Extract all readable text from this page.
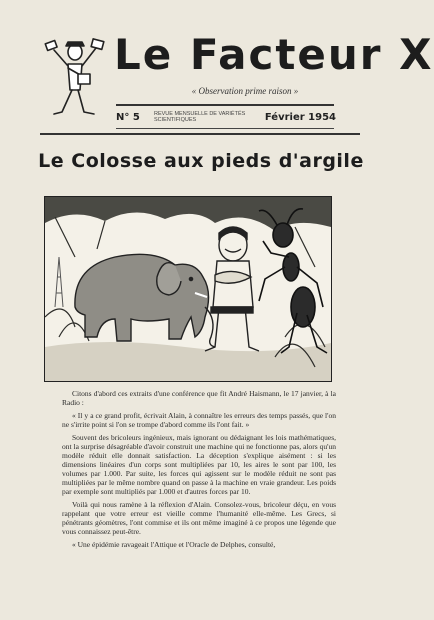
Le Facteur X
« Observation prime raison »
N° 5	REVUE MENSUELLE DE VARIÉTÉS SCIENTIFIQUES	Février 1954
Le Colosse aux pieds d'argile

Citons d'abord ces extraits d'une conférence que fit André Haismann, le 17 janvier, à la Radio :

« Il y a ce grand profit, écrivait Alain, à connaître les erreurs des temps passés, que l'on ne s'irrite point si l'on se trompe d'abord comme ils l'ont fait. »

Souvent des bricoleurs ingénieux, mais ignorant ou dédaignant les lois mathématiques, ont la surprise désagréable d'avoir construit une machine qui ne fonctionne pas, alors qu'un modèle réduit elle donnait satisfaction. La déception s'explique aisément : si les dimensions linéaires d'un corps sont multipliées par 10, les aires le sont par 100, les volumes par 1.000. Par suite, les forces qui agissent sur le modèle réduit ne sont pas multipliées par le même nombre quand on passe à la machine en vraie grandeur. Les poids par exemple sont multipliés par 1.000 et d'autres forces par 10.

Voilà qui nous ramène à la réflexion d'Alain. Consolez-vous, bricoleur déçu, en vous rappelant que votre erreur est vieille comme l'humanité elle-même. Les Grecs, si pénétrants géomètres, l'ont commise et ils ont même imaginé à ce propos une légende que vous connaissez peut-être.

« Une épidémie ravageait l'Attique et l'Oracle de Delphes, consulté,
